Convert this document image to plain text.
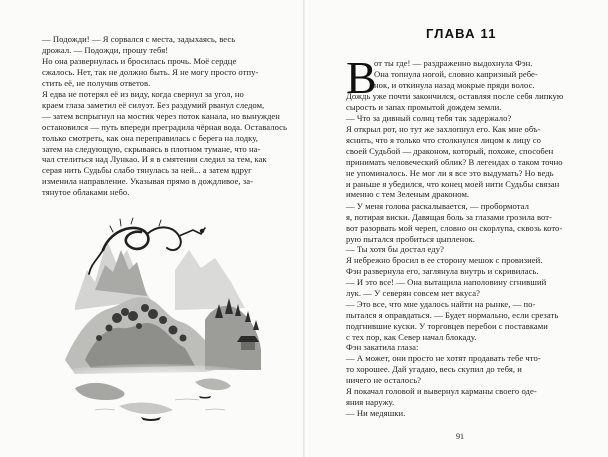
— Подожди! — Я сорвался с места, задыхаясь, весь
дрожал. — Подожди, прошу тебя!

Но она развернулась и бросилась прочь. Моё сердце
сжалось. Нет, так не должно быть. Я не могу просто отпу-
стить её, не получив ответов.

Я едва не потерял её из виду, когда свернул за угол, но
краем глаза заметил её силуэт. Без раздумий рванул следом,
— затем вспрыгнул на мостик через поток канала, но вынужден
остановился — путь впереди преградила чёрная вода. Оставалось
только смотреть, как она переправилась с берега на лодку,
затем на следующую, скрываясь в плотном тумане, что на-
чал стелиться над Лункао. И я в смятении следил за тем, как
серая нить Судьбы слабо тянулась за ней... а затем вдруг
изменила направление. Указывая прямо в дождливое, за-
тянутое облаками небо.

ГЛАВА 11

В

от ты где! — раздраженно выдохнула Фэн.
Она топнула ногой, словно капризный ребе-
нок, и откинула назад мокрые пряди волос.

Дождь уже почти закончился, оставляя после себя липкую
сырость и запах промытой дождем земли.

— Что за дивный солнц тебя так задержало?

Я открыл рот, но тут же захлопнул его. Как мне объ-
яснить, что я только что столкнулся лицом к лицу со
своей Судьбой — драконом, который, похоже, способен
принимать человеческий облик? В легендах о таком точно
не упоминалось. Не мог ли я все это выдумать? Но ведь
и раньше я убедился, что конец моей нити Судьбы связан
именно с тем Зеленым драконом.

— У меня голова раскалывается, — пробормотал
я, потирая виски. Давящая боль за глазами грозила вот-
вот разорвать мой череп, словно он скорлупа, сквозь кото-
рую пытался пробиться цыпленок.

— Ты хотя бы достал еду?

Я небрежно бросил в ее сторону мешок с провизией.
Фэн развернула его, заглянула внутрь и скривилась.

— И это все! — Она вытащила наполовину сгнивший
лук. — У северян совсем нет вкуса?

— Это все, что мне удалось найти на рынке, — по-
пытался я оправдаться. — Будет нормально, если срезать
подгнившие куски. У торговцев перебои с поставками
с тех пор, как Север начал блокаду.

Фэн закатила глаза:

— А может, они просто не хотят продавать тебе что-
то хорошее. Дай угадаю, весь скупил до тебя, и
ничего не осталось?

Я покачал головой и вывернул карманы своего оде-
яния наружу.

— Ни медяшки.

91
